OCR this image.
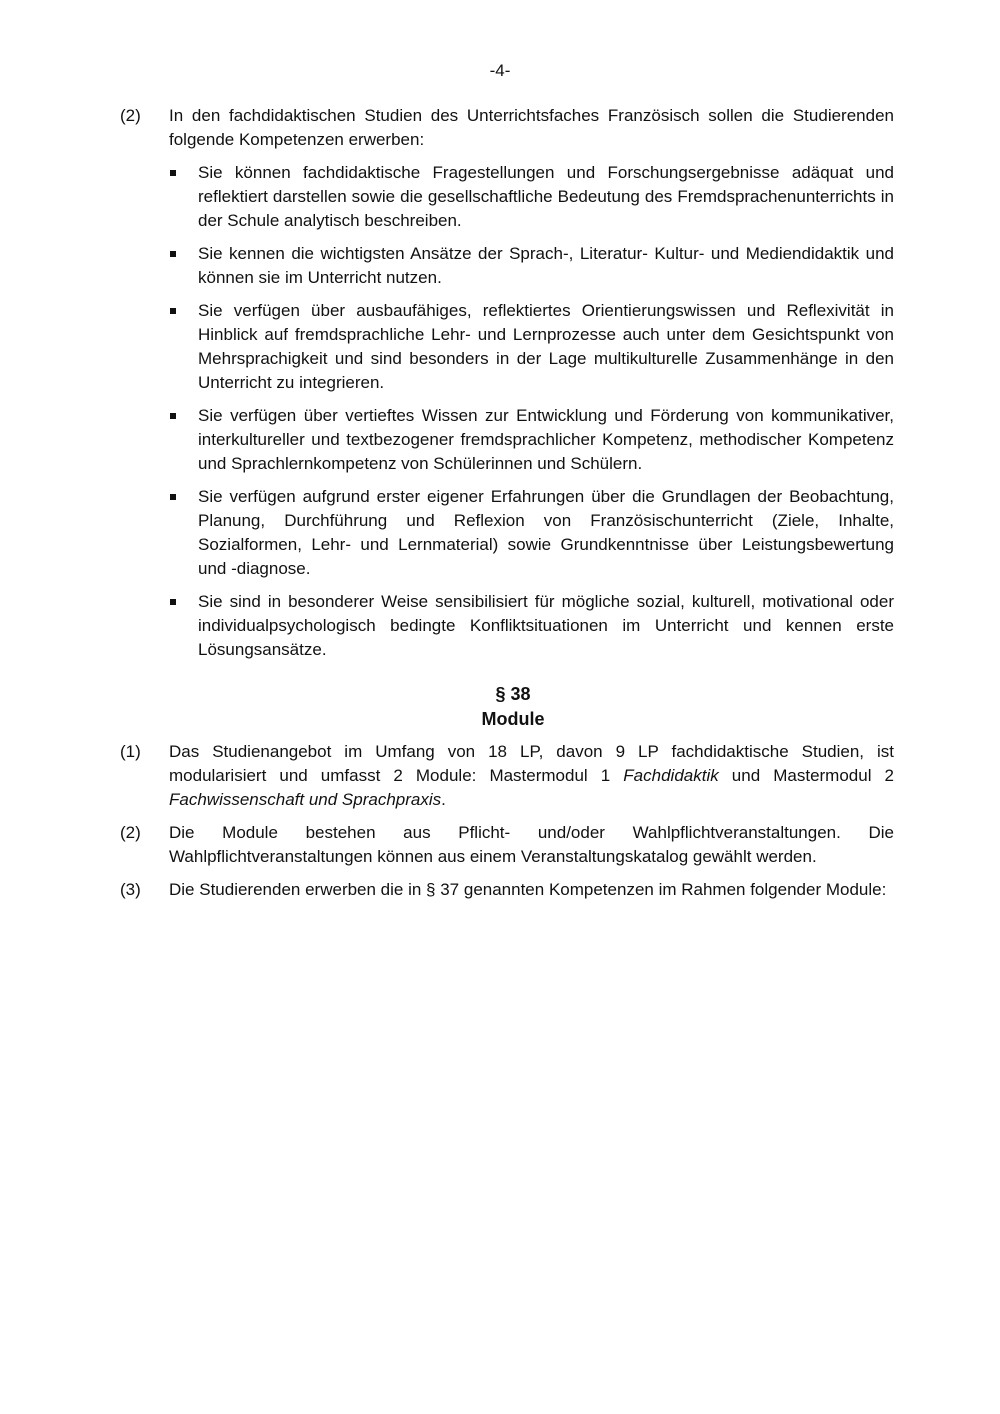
-4-
(2) In den fachdidaktischen Studien des Unterrichtsfaches Französisch sollen die Studierenden folgende Kompetenzen erwerben:
Sie können fachdidaktische Fragestellungen und Forschungsergebnisse adäquat und reflektiert darstellen sowie die gesellschaftliche Bedeutung des Fremdsprachenunterrichts in der Schule analytisch beschreiben.
Sie kennen die wichtigsten Ansätze der Sprach-, Literatur- Kultur- und Mediendidaktik und können sie im Unterricht nutzen.
Sie verfügen über ausbaufähiges, reflektiertes Orientierungswissen und Reflexivität in Hinblick auf fremdsprachliche Lehr- und Lernprozesse auch unter dem Gesichtspunkt von Mehrsprachigkeit und sind besonders in der Lage multikulturelle Zusammenhänge in den Unterricht zu integrieren.
Sie verfügen über vertieftes Wissen zur Entwicklung und Förderung von kommunikativer, interkultureller und textbezogener fremdsprachlicher Kompetenz, methodischer Kompetenz und Sprachlernkompetenz von Schülerinnen und Schülern.
Sie verfügen aufgrund erster eigener Erfahrungen über die Grundlagen der Beobachtung, Planung, Durchführung und Reflexion von Französischunterricht (Ziele, Inhalte, Sozialformen, Lehr- und Lernmaterial) sowie Grundkenntnisse über Leistungsbewertung und -diagnose.
Sie sind in besonderer Weise sensibilisiert für mögliche sozial, kulturell, motivational oder individualpsychologisch bedingte Konfliktsituationen im Unterricht und kennen erste Lösungsansätze.
§ 38
Module
(1) Das Studienangebot im Umfang von 18 LP, davon 9 LP fachdidaktische Studien, ist modularisiert und umfasst 2 Module: Mastermodul 1 Fachdidaktik und Mastermodul 2 Fachwissenschaft und Sprachpraxis.
(2) Die Module bestehen aus Pflicht- und/oder Wahlpflichtveranstaltungen. Die Wahlpflichtveranstaltungen können aus einem Veranstaltungskatalog gewählt werden.
(3) Die Studierenden erwerben die in § 37 genannten Kompetenzen im Rahmen folgender Module:
